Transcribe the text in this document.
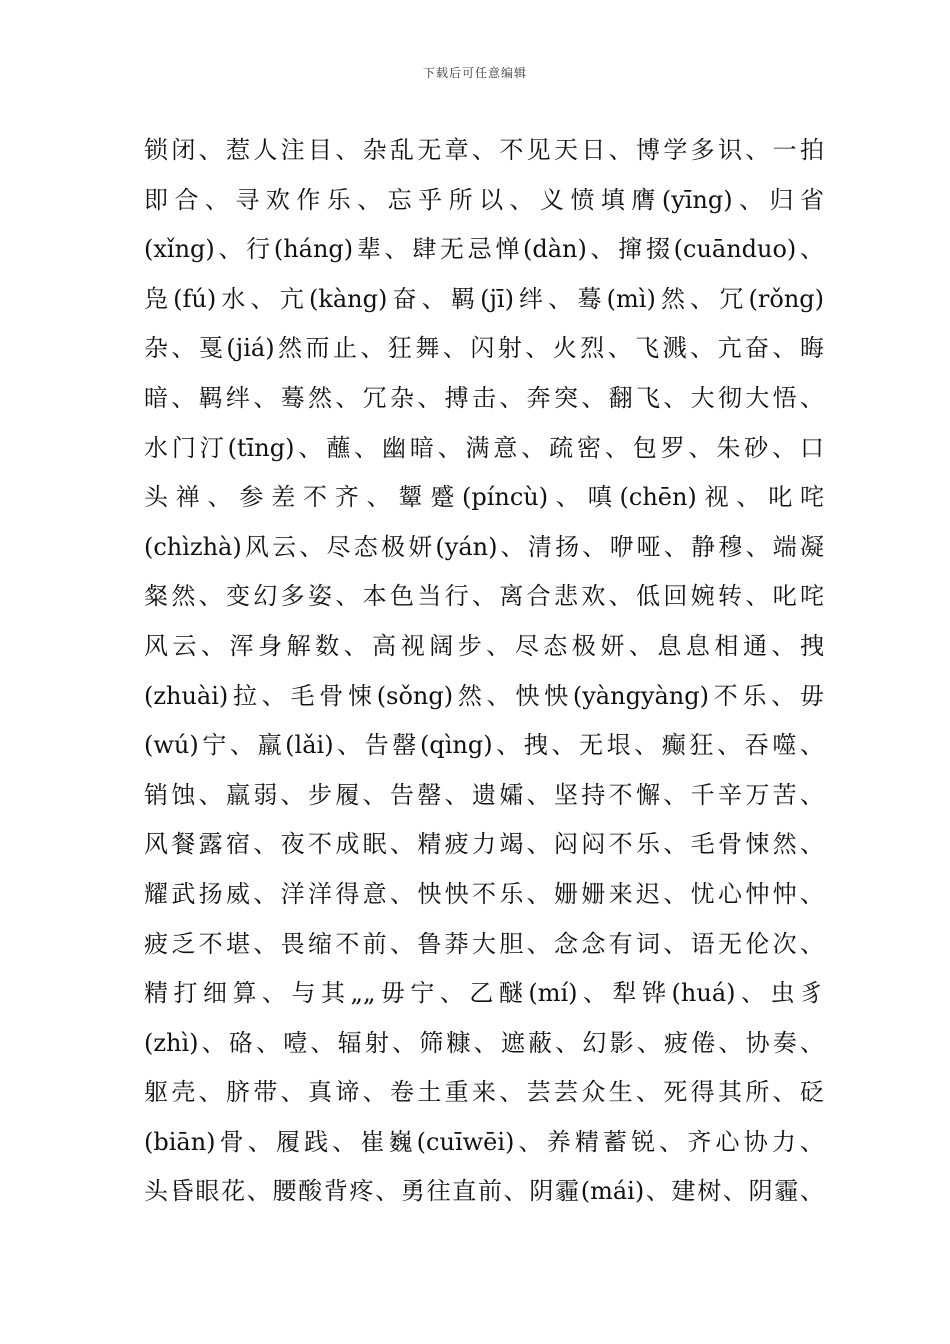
下载后可任意编辑
锁闭、惹人注目、杂乱无章、不见天日、博学多识、一拍
即合、寻欢作乐、忘乎所以、义愤填膺(yīng)、归省
(xǐng)、行(háng)辈、肆无忌惮(dàn)、撺掇(cuānduo)、
凫(fú)水、亢(kàng)奋、羁(jī)绊、蓦(mì)然、冗(rǒng)
杂、戛(jiá)然而止、狂舞、闪射、火烈、飞溅、亢奋、晦
暗、羁绊、蓦然、冗杂、搏击、奔突、翻飞、大彻大悟、
水门汀(tīng)、蘸、幽暗、满意、疏密、包罗、朱砂、口
头禅、参差不齐、颦蹙(píncù)、嗔(chēn)视、叱咤
(chìzhà)风云、尽态极妍(yán)、清扬、咿哑、静穆、端凝
粲然、变幻多姿、本色当行、离合悲欢、低回婉转、叱咤
风云、浑身解数、高视阔步、尽态极妍、息息相通、拽
(zhuài)拉、毛骨悚(sǒng)然、怏怏(yàngyàng)不乐、毋
(wú)宁、羸(lǎi)、告罄(qìng)、拽、无垠、癫狂、吞噬、
销蚀、羸弱、步履、告罄、遗孀、坚持不懈、千辛万苦、
风餐露宿、夜不成眠、精疲力竭、闷闷不乐、毛骨悚然、
耀武扬威、洋洋得意、怏怏不乐、姗姗来迟、忧心忡忡、
疲乏不堪、畏缩不前、鲁莽大胆、念念有词、语无伦次、
精打细算、与其„„毋宁、乙醚(mí)、犁铧(huá)、虫豸
(zhì)、硌、噎、辐射、筛糠、遮蔽、幻影、疲倦、协奏、
躯壳、脐带、真谛、卷土重来、芸芸众生、死得其所、砭
(biān)骨、履践、崔巍(cuīwēi)、养精蓄锐、齐心协力、
头昏眼花、腰酸背疼、勇往直前、阴霾(mái)、建树、阴霾、
